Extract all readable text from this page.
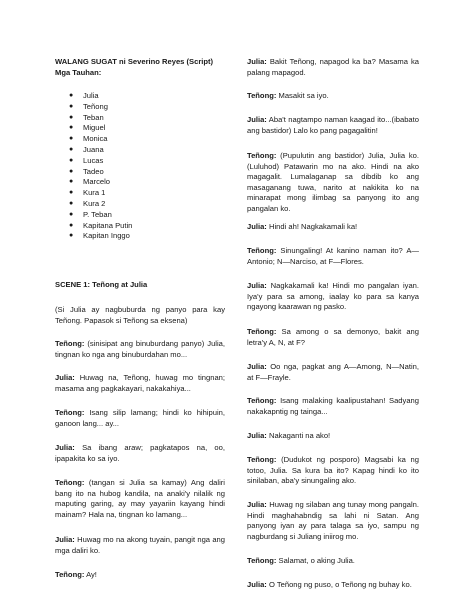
WALANG SUGAT ni Severino Reyes (Script)
Mga Tauhan:
● Julia
● Teñong
● Teban
● Miguel
● Monica
● Juana
● Lucas
● Tadeo
● Marcelo
● Kura 1
● Kura 2
● P. Teban
● Kapitana Putin
● Kapitan Inggo
SCENE 1: Teñong at Julia

(Si Julia ay nagbuburda ng panyo para kay Teñong. Papasok si Teñong sa eksena)

Teñong: (sinisipat ang binuburdang panyo) Julia, tingnan ko nga ang binuburdahan mo...

Julia: Huwag na, Teñong, huwag mo tingnan; masama ang pagkakayari, nakakahiya...

Teñong: Isang silip lamang; hindi ko hihipuin, ganoon lang... ay...

Julia: Sa ibang araw; pagkatapos na, oo, ipapakita ko sa iyo.

Teñong: (tangan si Julia sa kamay) Ang daliri bang ito na hubog kandila, na anaki'y nilalik ng maputing garing, ay may yayariin kayang hindi mainam? Hala na, tingnan ko lamang...

Julia: Huwag mo na akong tuyain, pangit nga ang mga daliri ko.

Teñong: Ay!

Julia: Bakit Teñong, napagod ka ba? Masama ka palang mapagod.

Teñong: Masakit sa iyo.

Julia: Aba't nagtampo naman kaagad ito...(ibabato ang bastidor) Lalo ko pang pagagalitin!

Teñong: (Pupulutin ang bastidor) Julia, Julia ko. (Luluhod) Patawarin mo na ako. Hindi na ako magagalit. Lumalaganap sa dibdib ko ang masaganang tuwa, narito at nakikita ko na minarapat mong ilimbag sa panyong ito ang pangalan ko.

Julia: Hindi ah! Nagkakamali ka!

Teñong: Sinungaling! At kanino naman ito? A—Antonio; N—Narciso, at F—Flores.

Julia: Nagkakamali ka! Hindi mo pangalan iyan. Iya'y para sa among, iaalay ko para sa kanya ngayong kaarawan ng pasko.

Teñong: Sa among o sa demonyo, bakit ang letra'y A, N, at F?

Julia: Oo nga, pagkat ang A—Among, N—Natin, at F—Frayle.

Teñong: Isang malaking kaalipustahan! Sadyang nakakapntig ng tainga...

Julia: Nakaganti na ako!

Teñong: (Dudukot ng posporo) Magsabi ka ng totoo, Julia. Sa kura ba ito? Kapag hindi ko ito sinilaban, aba'y sinungaling ako.

Julia: Huwag ng silaban ang tunay mong pangaln. Hindi maghahabndig sa lahi ni Satan. Ang panyong iyan ay para talaga sa iyo, sampu ng nagburdang si Juliang iniirog mo.

Teñong: Salamat, o aking Julia.

Julia: O Teñong ng puso, o Teñong ng buhay ko.
